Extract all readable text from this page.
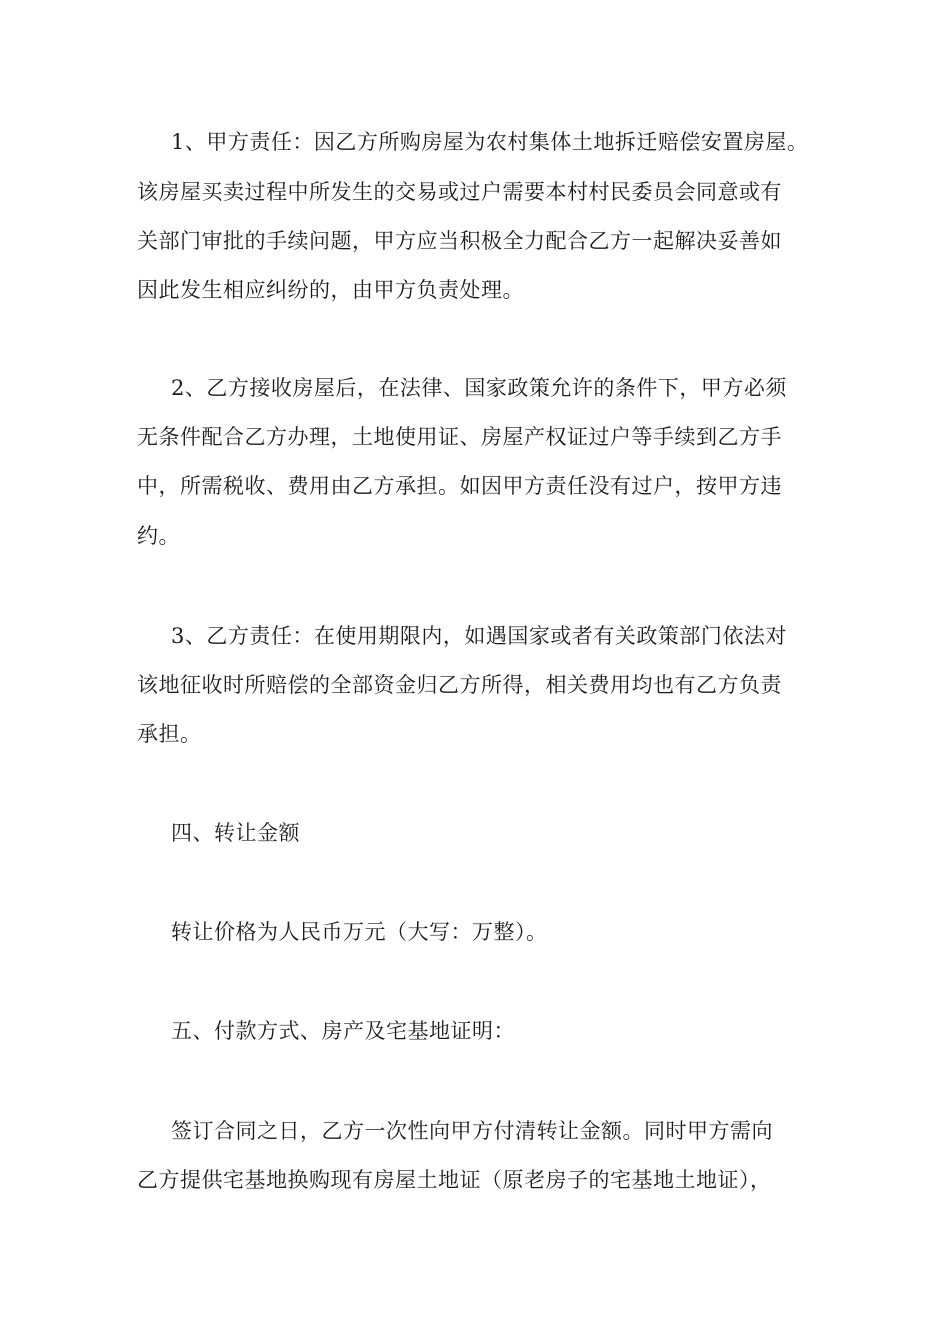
1、甲方责任：因乙方所购房屋为农村集体土地拆迁赔偿安置房屋。
该房屋买卖过程中所发生的交易或过户需要本村村民委员会同意或有
关部门审批的手续问题，甲方应当积极全力配合乙方一起解决妥善如
因此发生相应纠纷的，由甲方负责处理。
2、乙方接收房屋后，在法律、国家政策允许的条件下，甲方必须
无条件配合乙方办理，土地使用证、房屋产权证过户等手续到乙方手
中，所需税收、费用由乙方承担。如因甲方责任没有过户，按甲方违
约。
3、乙方责任：在使用期限内，如遇国家或者有关政策部门依法对
该地征收时所赔偿的全部资金归乙方所得，相关费用均也有乙方负责
承担。
四、转让金额
转让价格为人民币万元（大写：万整）。
五、付款方式、房产及宅基地证明：
签订合同之日，乙方一次性向甲方付清转让金额。同时甲方需向
乙方提供宅基地换购现有房屋土地证（原老房子的宅基地土地证），
